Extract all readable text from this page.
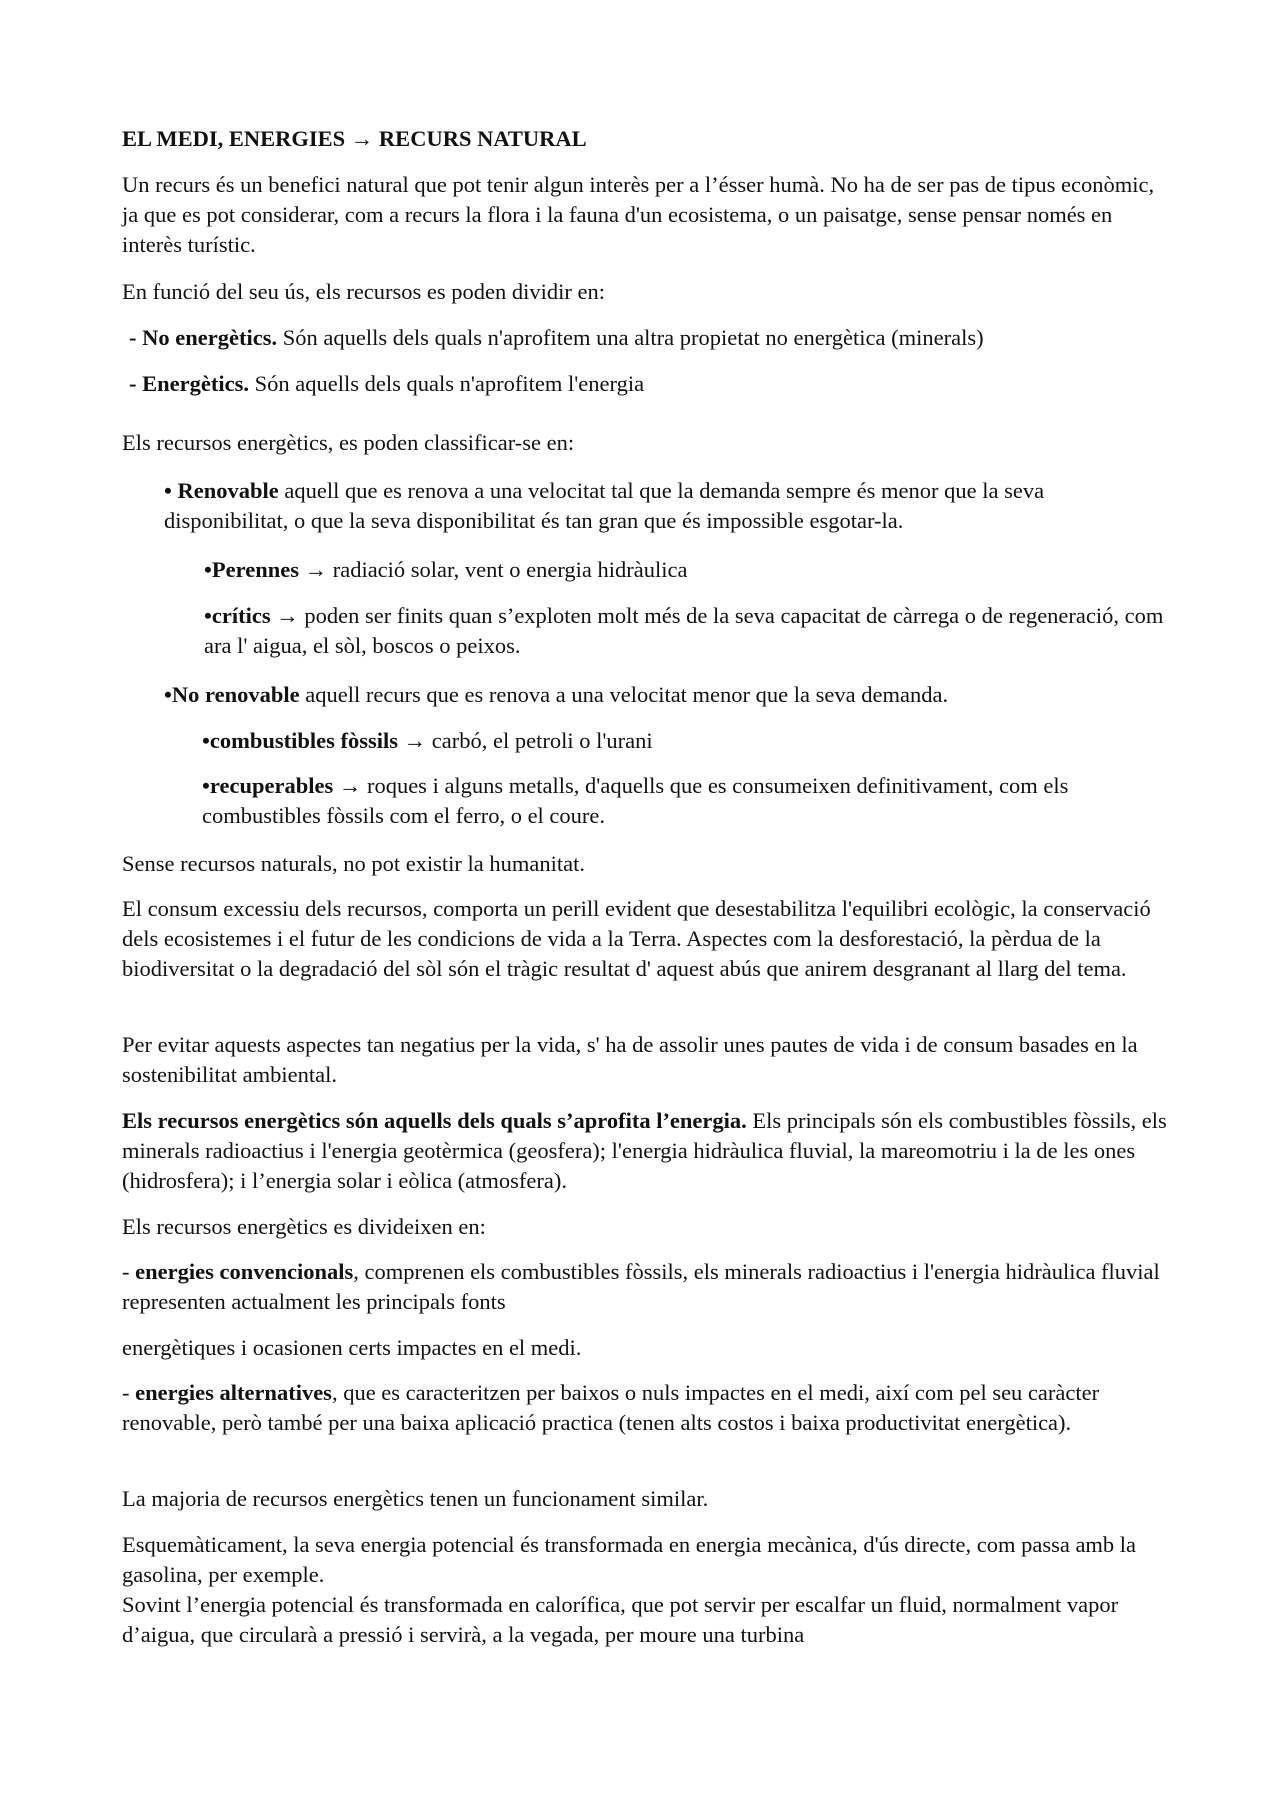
EL MEDI, ENERGIES → RECURS NATURAL

Un recurs és un benefici natural que pot tenir algun interès per a l’ésser humà. No ha de ser pas de tipus econòmic, ja que es pot considerar, com a recurs la flora i la fauna d'un ecosistema, o un paisatge, sense pensar només en interès turístic.

En funció del seu ús, els recursos es poden dividir en:

- No energètics. Són aquells dels quals n'aprofitem una altra propietat no energètica (minerals)

- Energètics. Són aquells dels quals n'aprofitem l'energia

Els recursos energètics, es poden classificar-se en:

• Renovable aquell que es renova a una velocitat tal que la demanda sempre és menor que la seva disponibilitat, o que la seva disponibilitat és tan gran que és impossible esgotar-la.

•Perennes → radiació solar, vent o energia hidràulica

•crítics → poden ser finits quan s’exploten molt més de la seva capacitat de càrrega o de regeneració, com ara l' aigua, el sòl, boscos o peixos.

•No renovable aquell recurs que es renova a una velocitat menor que la seva demanda.

•combustibles fòssils → carbó, el petroli o l'urani

•recuperables → roques i alguns metalls, d'aquells que es consumeixen definitivament, com els combustibles fòssils com el ferro, o el coure.

Sense recursos naturals, no pot existir la humanitat.

El consum excessiu dels recursos, comporta un perill evident que desestabilitza l'equilibri ecològic, la conservació dels ecosistemes i el futur de les condicions de vida a la Terra. Aspectes com la desforestació, la pèrdua de la biodiversitat o la degradació del sòl són el tràgic resultat d' aquest abús que anirem desgranant al llarg del tema.

Per evitar aquests aspectes tan negatius per la vida, s' ha de assolir unes pautes de vida i de consum basades en la sostenibilitat ambiental.

Els recursos energètics són aquells dels quals s’aprofita l’energia. Els principals són els combustibles fòssils, els minerals radioactius i l'energia geotèrmica (geosfera); l'energia hidràulica fluvial, la mareomotriu i la de les ones (hidrosfera); i l’energia solar i eòlica (atmosfera).

Els recursos energètics es divideixen en:

- energies convencionals, comprenen els combustibles fòssils, els minerals radioactius i l'energia hidràulica fluvial representen actualment les principals fonts

energètiques i ocasionen certs impactes en el medi.

- energies alternatives, que es caracteritzen per baixos o nuls impactes en el medi, així com pel seu caràcter renovable, però també per una baixa aplicació practica (tenen alts costos i baixa productivitat energètica).

La majoria de recursos energètics tenen un funcionament similar.

Esquemàticament, la seva energia potencial és transformada en energia mecànica, d'ús directe, com passa amb la gasolina, per exemple.

Sovint l’energia potencial és transformada en calorífica, que pot servir per escalfar un fluid, normalment vapor d’aigua, que circularà a pressió i servirà, a la vegada, per moure una turbina
